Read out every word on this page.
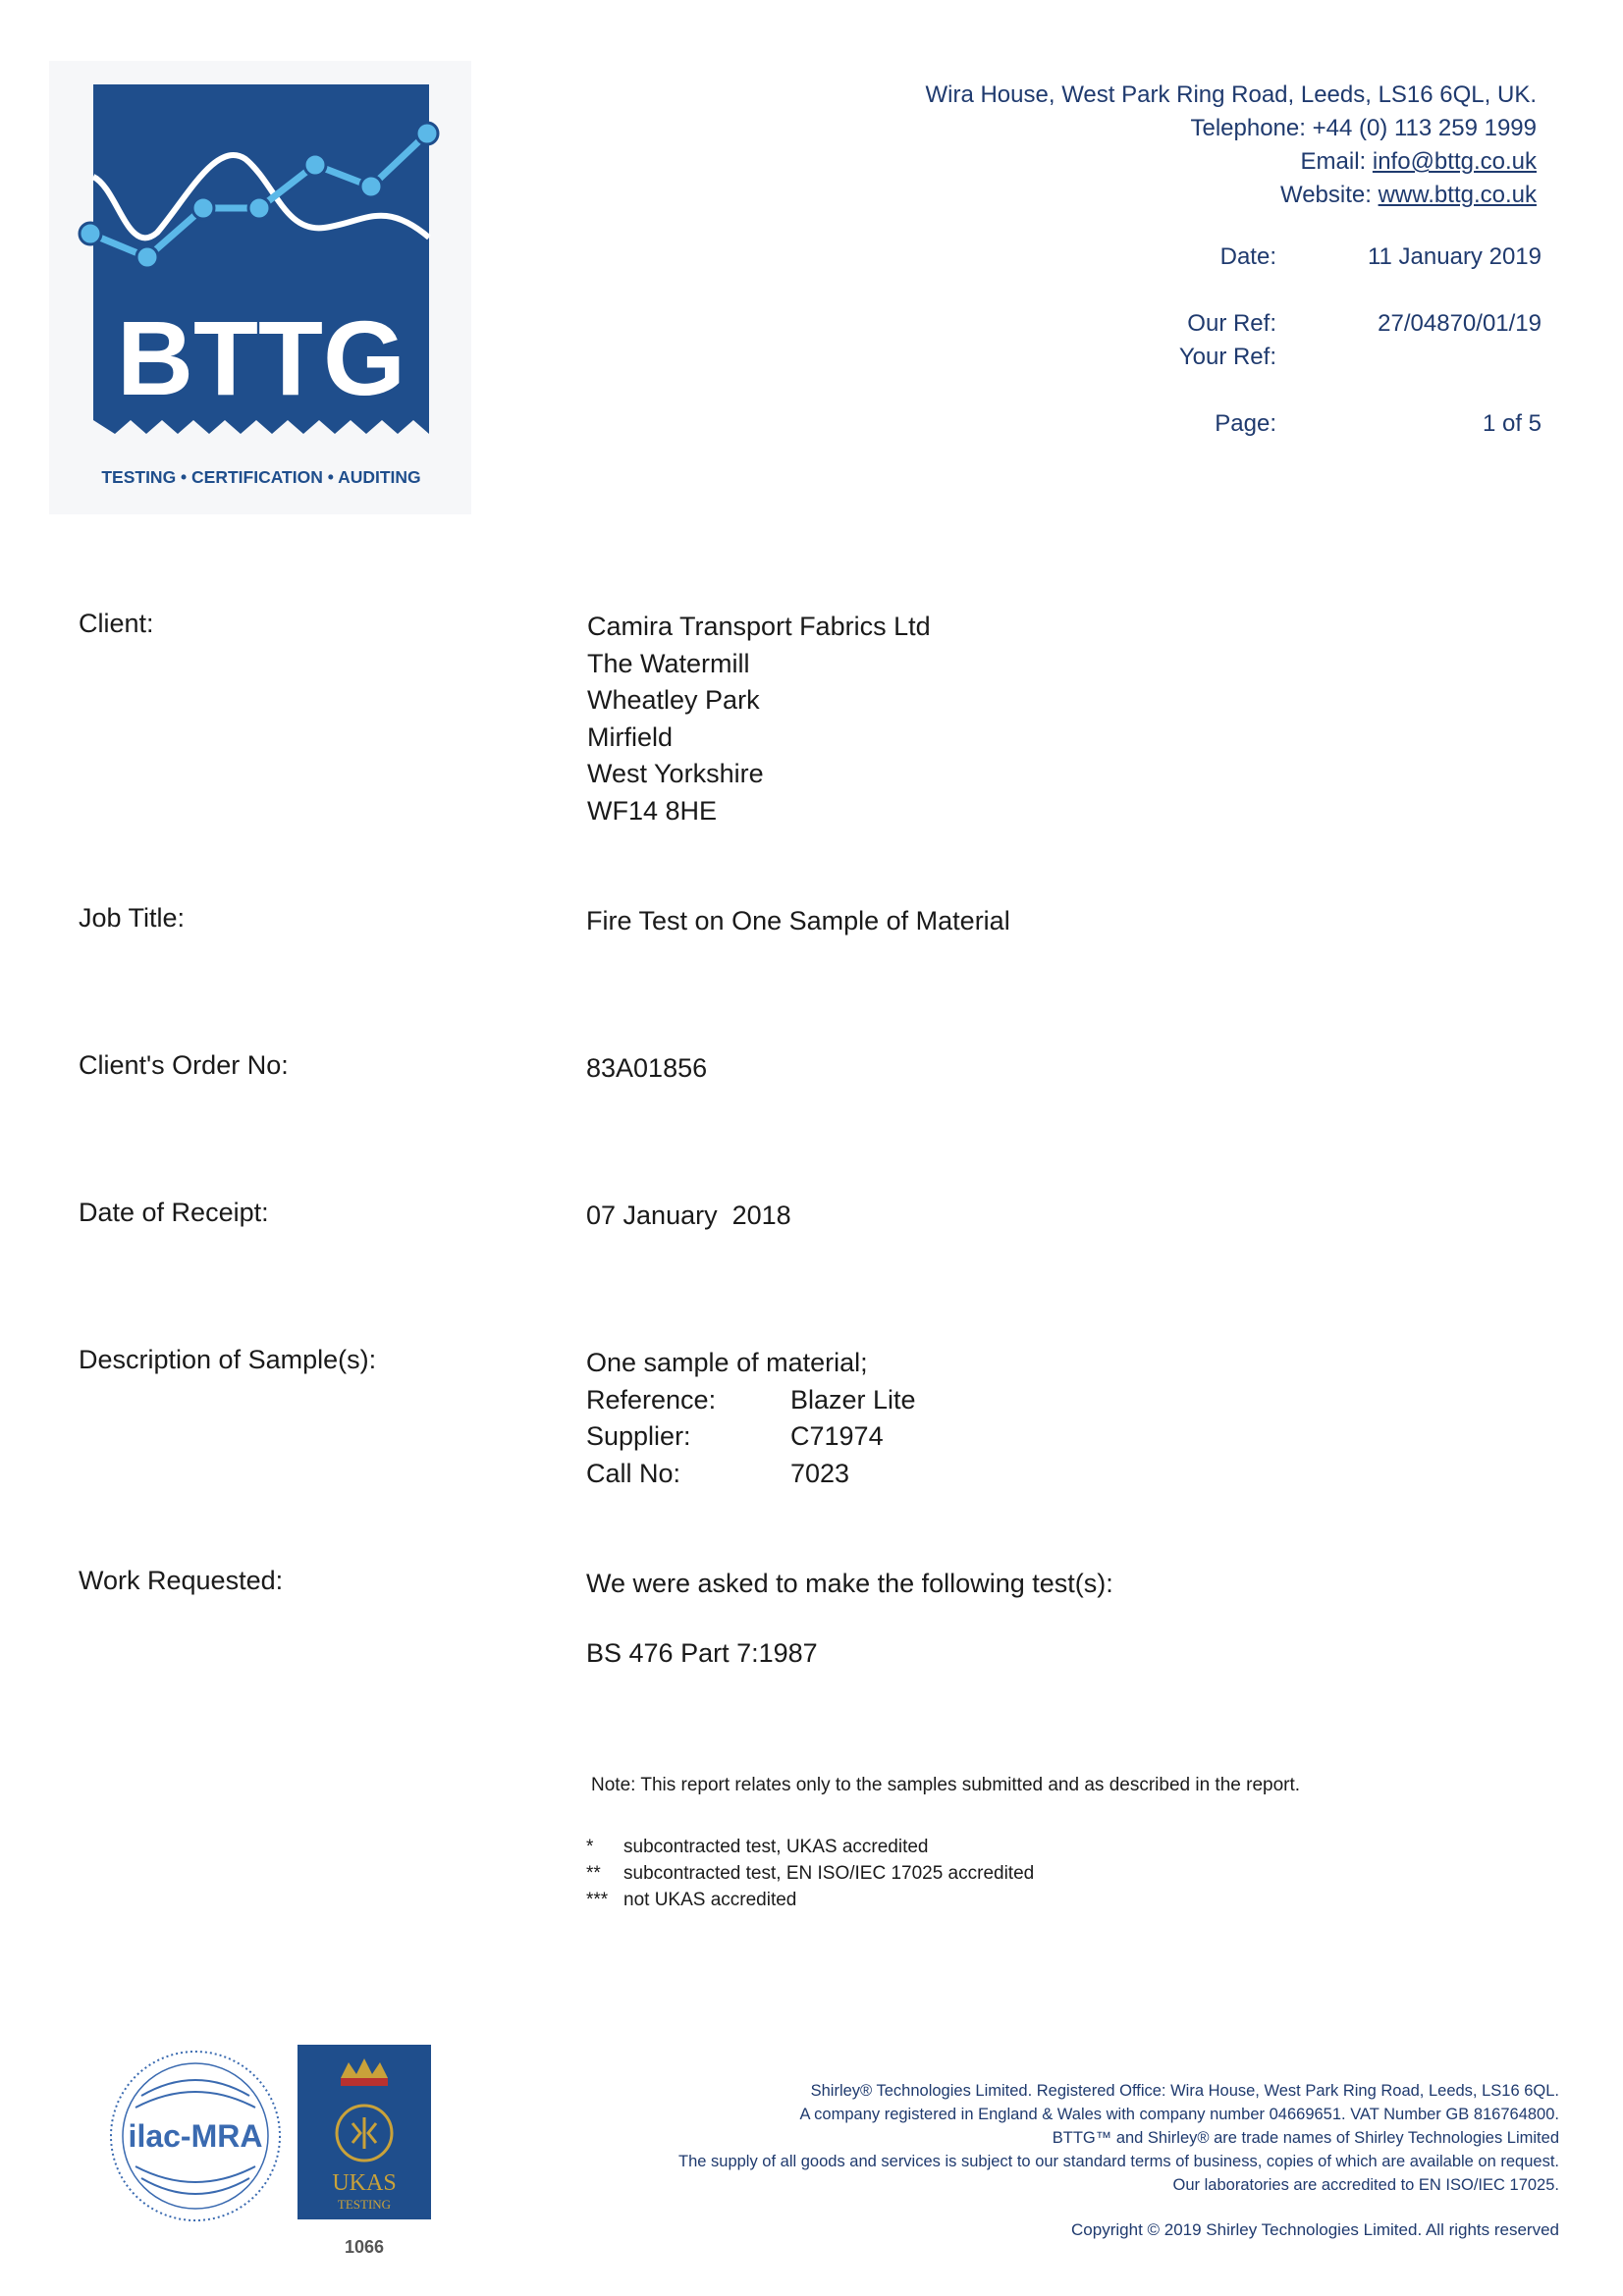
BTTG
TESTING • CERTIFICATION • AUDITING
Wira House, West Park Ring Road, Leeds, LS16 6QL, UK.
Telephone: +44 (0) 113 259 1999
Email: info@bttg.co.uk
Website: www.bttg.co.uk
Date:	11 January 2019
Our Ref:	27/04870/01/19
Your Ref:
Page:	1 of 5
Client:	Camira Transport Fabrics Ltd
The Watermill
Wheatley Park
Mirfield
West Yorkshire
WF14 8HE
Job Title:	Fire Test on One Sample of Material
Client's Order No:	83A01856
Date of Receipt:	07 January  2018
Description of Sample(s):	One sample of material;
Reference:	Blazer Lite
Supplier:	C71974
Call No:	7023
Work Requested:	We were asked to make the following test(s):
BS 476 Part 7:1987
Note: This report relates only to the samples submitted and as described in the report.
* subcontracted test, UKAS accredited
** subcontracted test, EN ISO/IEC 17025 accredited
*** not UKAS accredited
ilac-MRA
UKAS
TESTING
1066
Shirley® Technologies Limited. Registered Office: Wira House, West Park Ring Road, Leeds, LS16 6QL.
A company registered in England & Wales with company number 04669651. VAT Number GB 816764800.
BTTG™ and Shirley® are trade names of Shirley Technologies Limited
The supply of all goods and services is subject to our standard terms of business, copies of which are available on request.
Our laboratories are accredited to EN ISO/IEC 17025.
Copyright © 2019 Shirley Technologies Limited. All rights reserved
